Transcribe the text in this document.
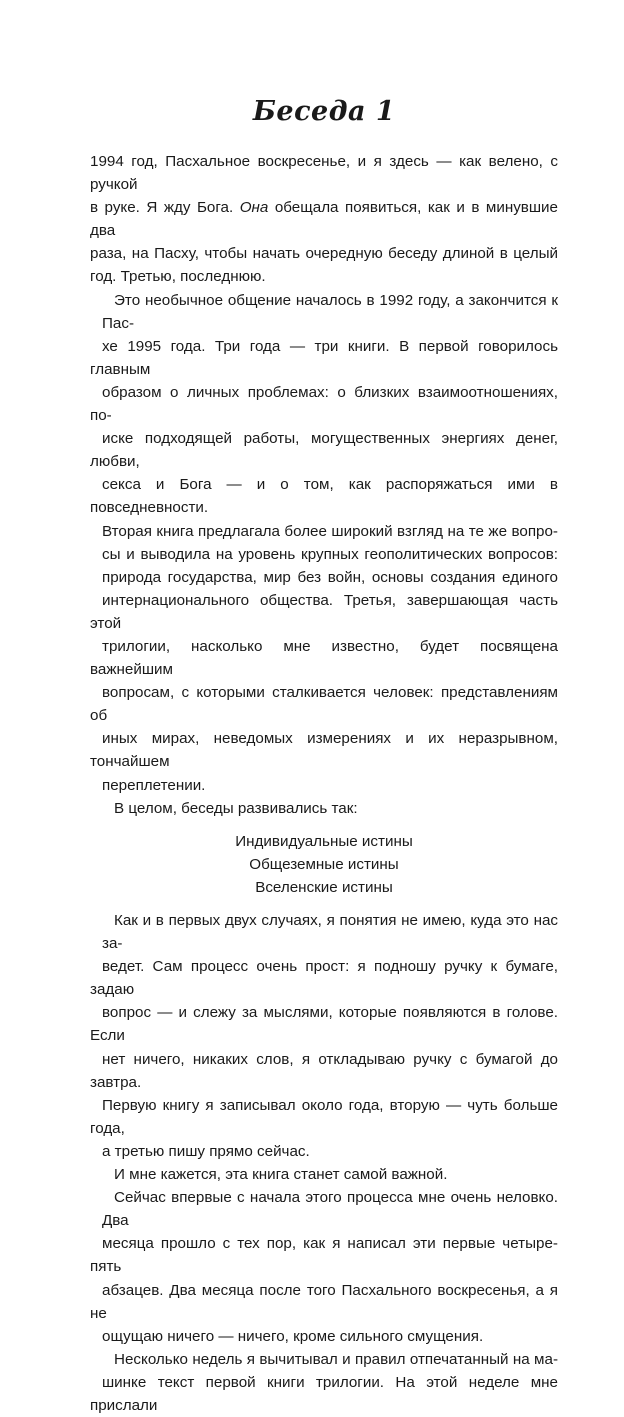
Беседа 1

1994 год, Пасхальное воскресенье, и я здесь — как велено, с ручкой
в руке. Я жду Бога. Она обещала появиться, как и в минувшие два
раза, на Пасху, чтобы начать очередную беседу длиной в целый
год. Третью, последнюю.

Это необычное общение началось в 1992 году, а закончится к Пас-
хе 1995 года. Три года — три книги. В первой говорилось главным
образом о личных проблемах: о близких взаимоотношениях, по-
иске подходящей работы, могущественных энергиях денег, любви,
секса и Бога — и о том, как распоряжаться ими в повседневности.
Вторая книга предлагала более широкий взгляд на те же вопро-
сы и выводила на уровень крупных геополитических вопросов:
природа государства, мир без войн, основы создания единого
интернационального общества. Третья, завершающая часть этой
трилогии, насколько мне известно, будет посвящена важнейшим
вопросам, с которыми сталкивается человек: представлениям об
иных мирах, неведомых измерениях и их неразрывном, тончайшем
переплетении.

В целом, беседы развивались так:

Индивидуальные истины
Общеземные истины
Вселенские истины

Как и в первых двух случаях, я понятия не имею, куда это нас за-
ведет. Сам процесс очень прост: я подношу ручку к бумаге, задаю
вопрос — и слежу за мыслями, которые появляются в голове. Если
нет ничего, никаких слов, я откладываю ручку с бумагой до завтра.
Первую книгу я записывал около года, вторую — чуть больше года,
а третью пишу прямо сейчас.

И мне кажется, эта книга станет самой важной.

Сейчас впервые с начала этого процесса мне очень неловко. Два
месяца прошло с тех пор, как я написал эти первые четыре-пять
абзацев. Два месяца после того Пасхального воскресенья, а я не
ощущаю ничего — ничего, кроме сильного смущения.

Несколько недель я вычитывал и правил отпечатанный на ма-
шинке текст первой книги трилогии. На этой неделе мне прислали
